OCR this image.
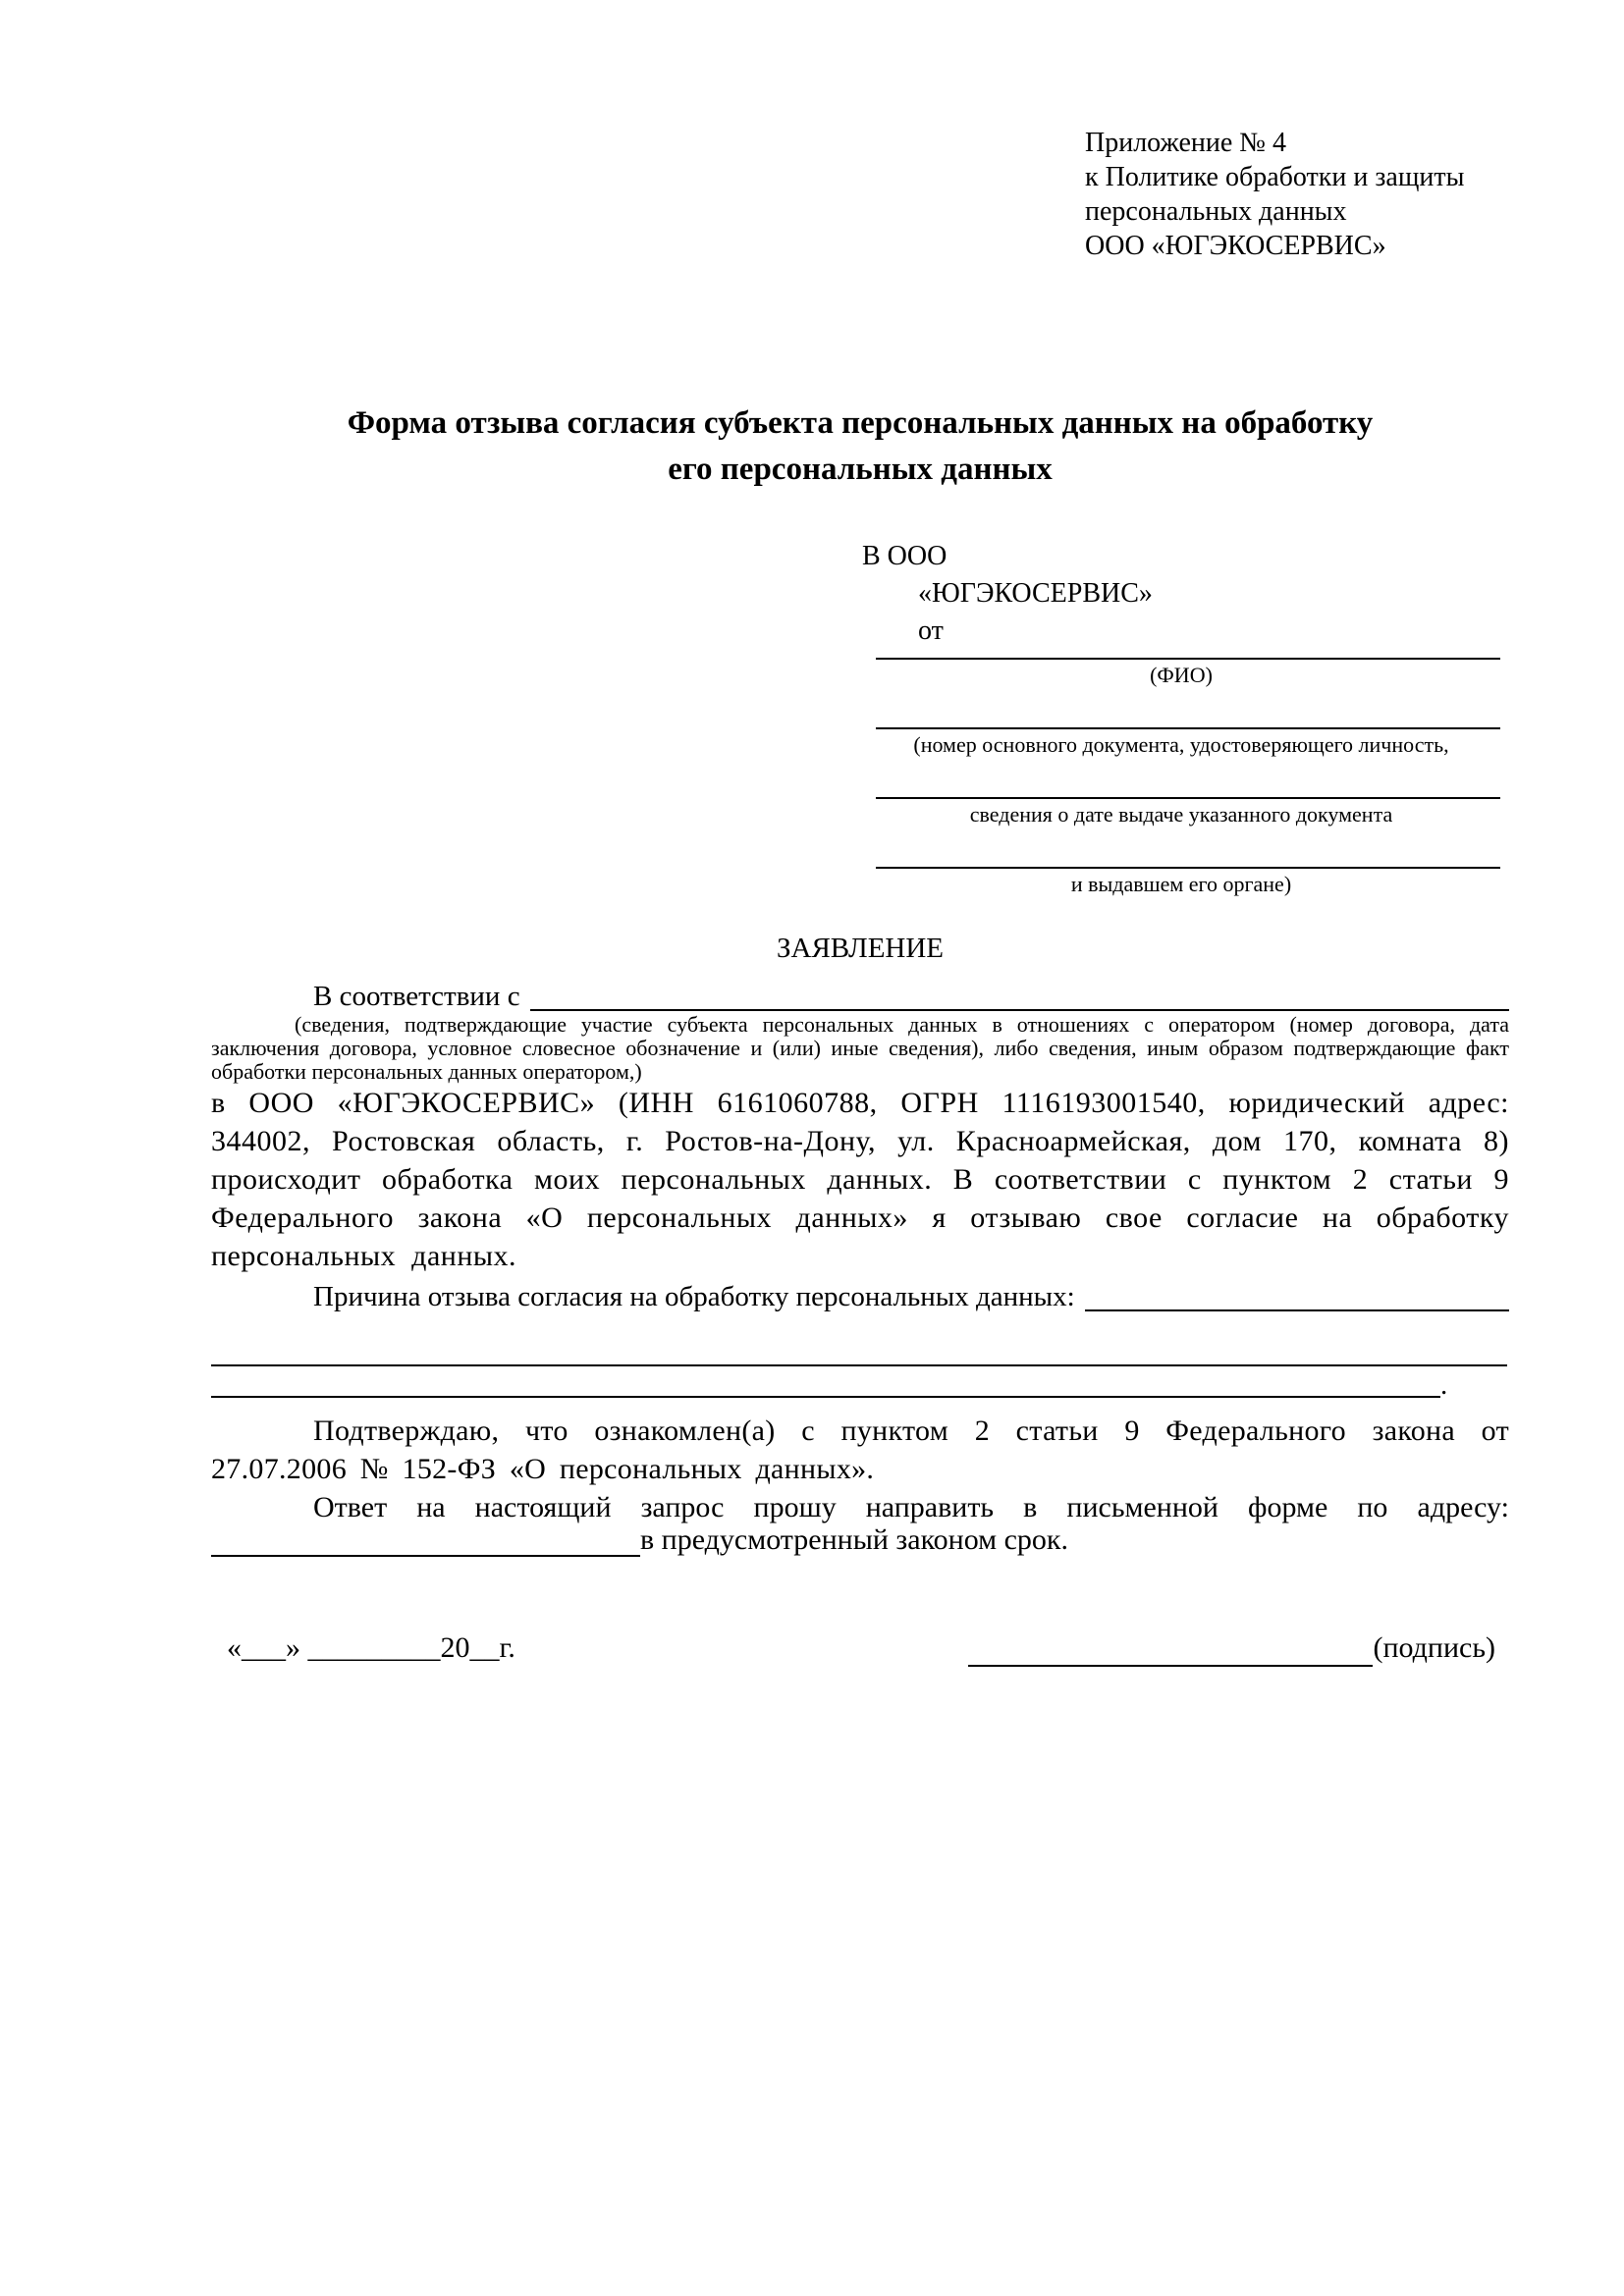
Приложение № 4
к Политике обработки и защиты
персональных данных
ООО «ЮГЭКОСЕРВИС»
Форма отзыва согласия субъекта персональных данных на обработку
его персональных данных
В ООО
«ЮГЭКОСЕРВИС»
от
(ФИО)
(номер основного документа, удостоверяющего личность,
сведения о дате выдаче указанного документа
и выдавшем его органе)
ЗАЯВЛЕНИЕ
В соответствии с
(сведения, подтверждающие участие субъекта персональных данных в отношениях с оператором (номер договора, дата заключения договора, условное словесное обозначение и (или) иные сведения), либо сведения, иным образом подтверждающие факт обработки персональных данных оператором,)
в ООО «ЮГЭКОСЕРВИС» (ИНН 6161060788, ОГРН 1116193001540, юридический адрес: 344002, Ростовская область, г. Ростов-на-Дону, ул. Красноармейская, дом 170, комната 8) происходит обработка моих персональных данных. В соответствии с пунктом 2 статьи 9 Федерального закона «О персональных данных» я отзываю свое согласие на обработку персональных данных.
Причина отзыва согласия на обработку персональных данных:
.
Подтверждаю, что ознакомлен(а) с пунктом 2 статьи 9 Федерального закона от 27.07.2006 № 152-ФЗ «О персональных данных».
Ответ на настоящий запрос прошу направить в письменной форме по адресу:
в предусмотренный законом срок.
«___» _________20__г.	(подпись)
